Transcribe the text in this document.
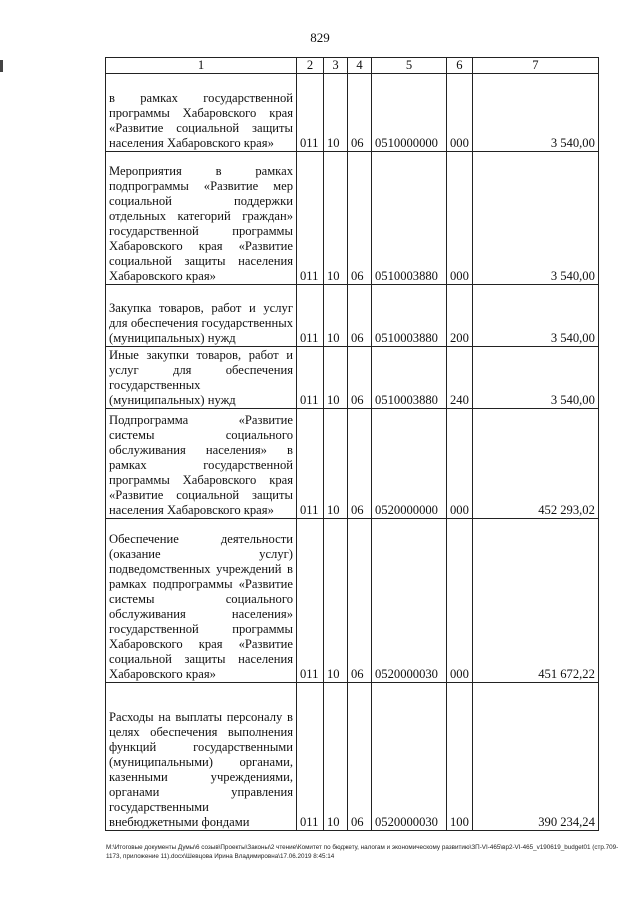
829
1	2	3	4	5	6	7
в рамках государственной программы Хабаровского края «Развитие социальной защиты населения Хабаровского края»	011	10	06	0510000000	000	3 540,00
Мероприятия в рамках подпрограммы «Развитие мер социальной поддержки отдельных категорий граждан» государственной программы Хабаровского края «Развитие социальной защиты населения Хабаровского края»	011	10	06	0510003880	000	3 540,00
Закупка товаров, работ и услуг для обеспечения государственных (муниципальных) нужд	011	10	06	0510003880	200	3 540,00
Иные закупки товаров, работ и услуг для обеспечения государственных (муниципальных) нужд	011	10	06	0510003880	240	3 540,00
Подпрограмма «Развитие системы социального обслуживания населения» в рамках государственной программы Хабаровского края «Развитие социальной защиты населения Хабаровского края»	011	10	06	0520000000	000	452 293,02
Обеспечение деятельности (оказание услуг) подведомственных учреждений в рамках подпрограммы «Развитие системы социального обслуживания населения» государственной программы Хабаровского края «Развитие социальной защиты населения Хабаровского края»	011	10	06	0520000030	000	451 672,22
Расходы на выплаты персоналу в целях обеспечения выполнения функций государственными (муниципальными) органами, казенными учреждениями, органами управления государственными внебюджетными фондами	011	10	06	0520000030	100	390 234,24
M:\Итоговые документы Думы\6 созыв\Проекты\Законы\2 чтение\Комитет по бюджету, налогам и экономическому развитию\ЗП-VI-465\вр2-VI-465_v190619_budget01 (стр.709-1173, приложение 11).docx\Шевцова Ирина Владимировна\17.06.2019 8:45:14
